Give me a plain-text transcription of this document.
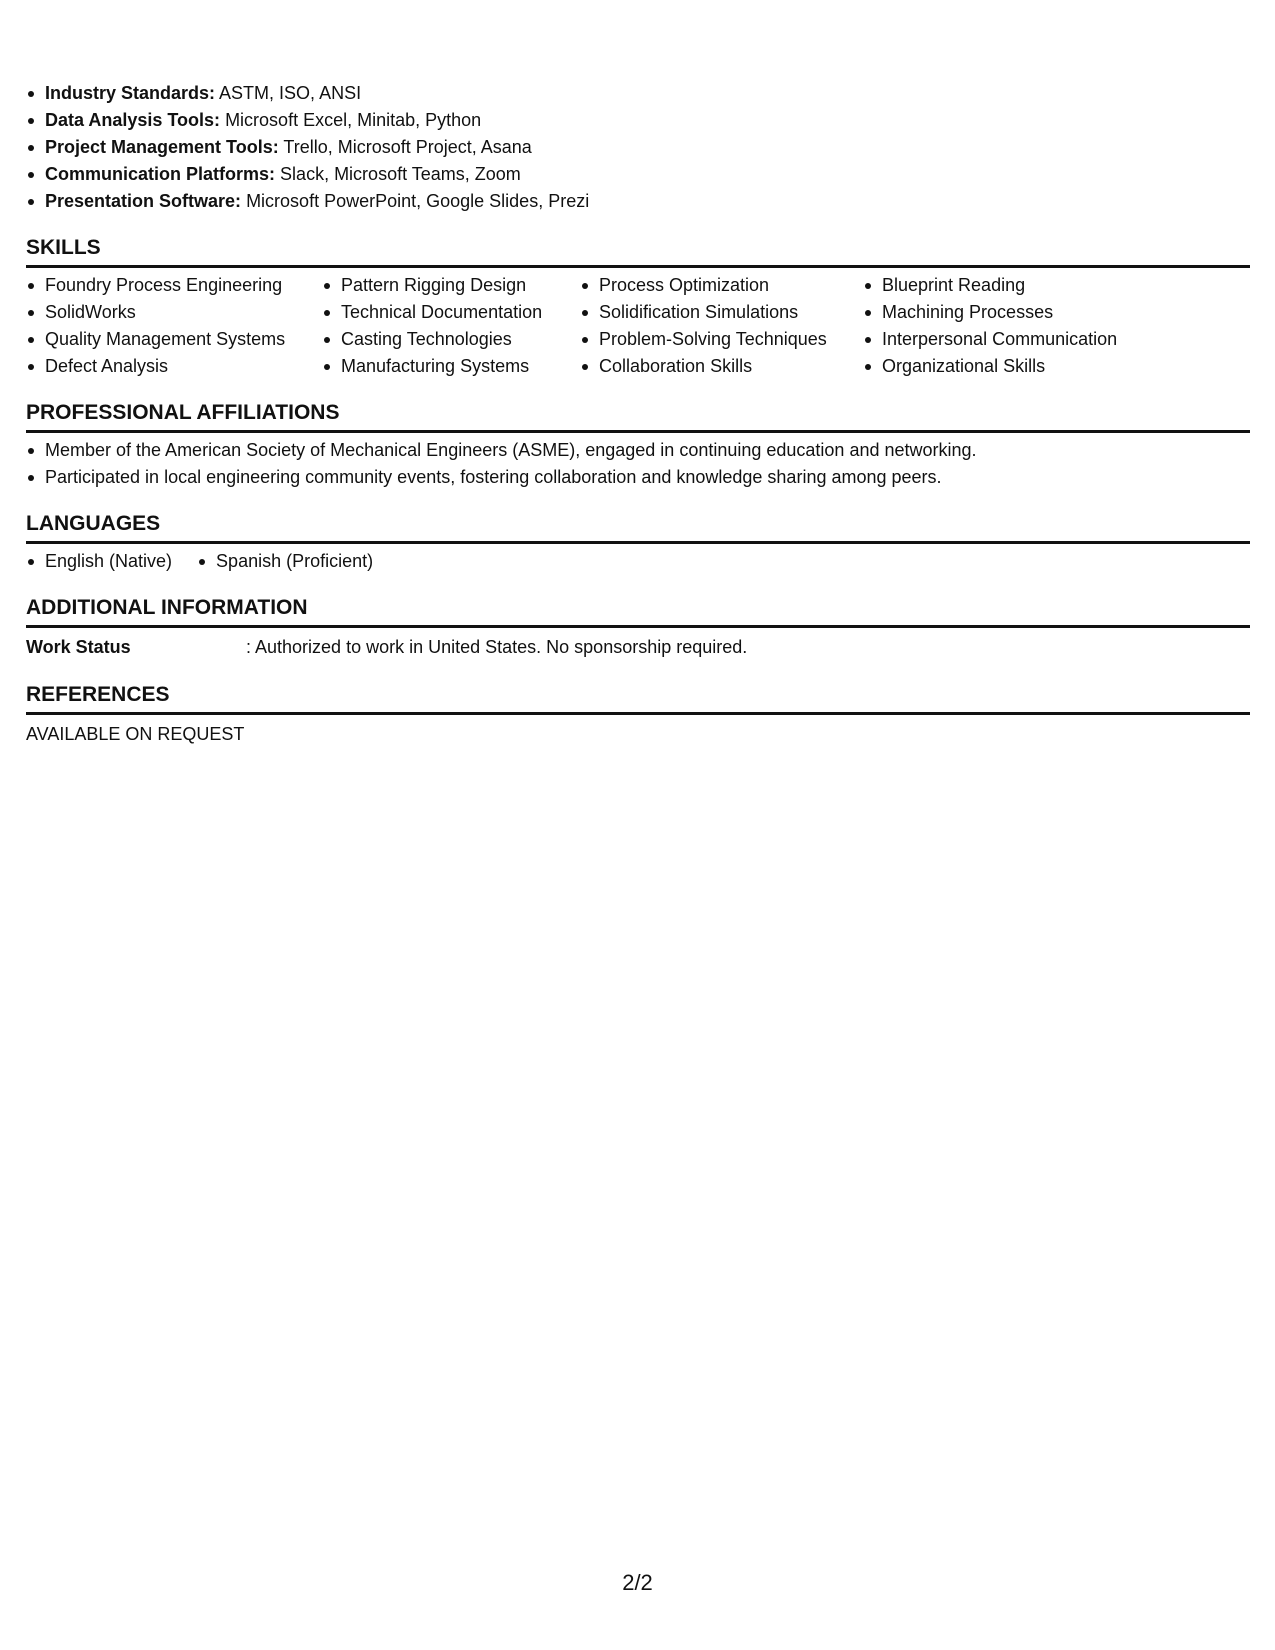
Industry Standards: ASTM, ISO, ANSI
Data Analysis Tools: Microsoft Excel, Minitab, Python
Project Management Tools: Trello, Microsoft Project, Asana
Communication Platforms: Slack, Microsoft Teams, Zoom
Presentation Software: Microsoft PowerPoint, Google Slides, Prezi
SKILLS
Foundry Process Engineering
SolidWorks
Quality Management Systems
Defect Analysis
Pattern Rigging Design
Technical Documentation
Casting Technologies
Manufacturing Systems
Process Optimization
Solidification Simulations
Problem-Solving Techniques
Collaboration Skills
Blueprint Reading
Machining Processes
Interpersonal Communication
Organizational Skills
PROFESSIONAL AFFILIATIONS
Member of the American Society of Mechanical Engineers (ASME), engaged in continuing education and networking.
Participated in local engineering community events, fostering collaboration and knowledge sharing among peers.
LANGUAGES
English (Native)	Spanish (Proficient)
ADDITIONAL INFORMATION
Work Status	: Authorized to work in United States. No sponsorship required.
REFERENCES
AVAILABLE ON REQUEST
2/2
